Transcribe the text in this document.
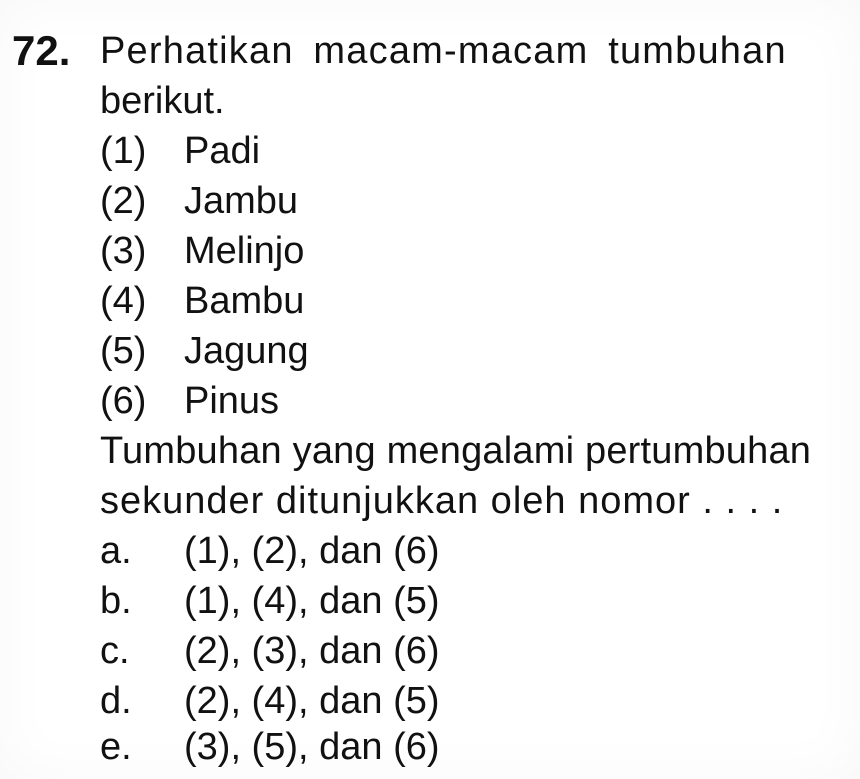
72. Perhatikan macam-macam tumbuhan
berikut.
(1) Padi
(2) Jambu
(3) Melinjo
(4) Bambu
(5) Jagung
(6) Pinus
Tumbuhan yang mengalami pertumbuhan
sekunder ditunjukkan oleh nomor . . . .
a. (1), (2), dan (6)
b. (1), (4), dan (5)
c. (2), (3), dan (6)
d. (2), (4), dan (5)
e. (3), (5), dan (6)
